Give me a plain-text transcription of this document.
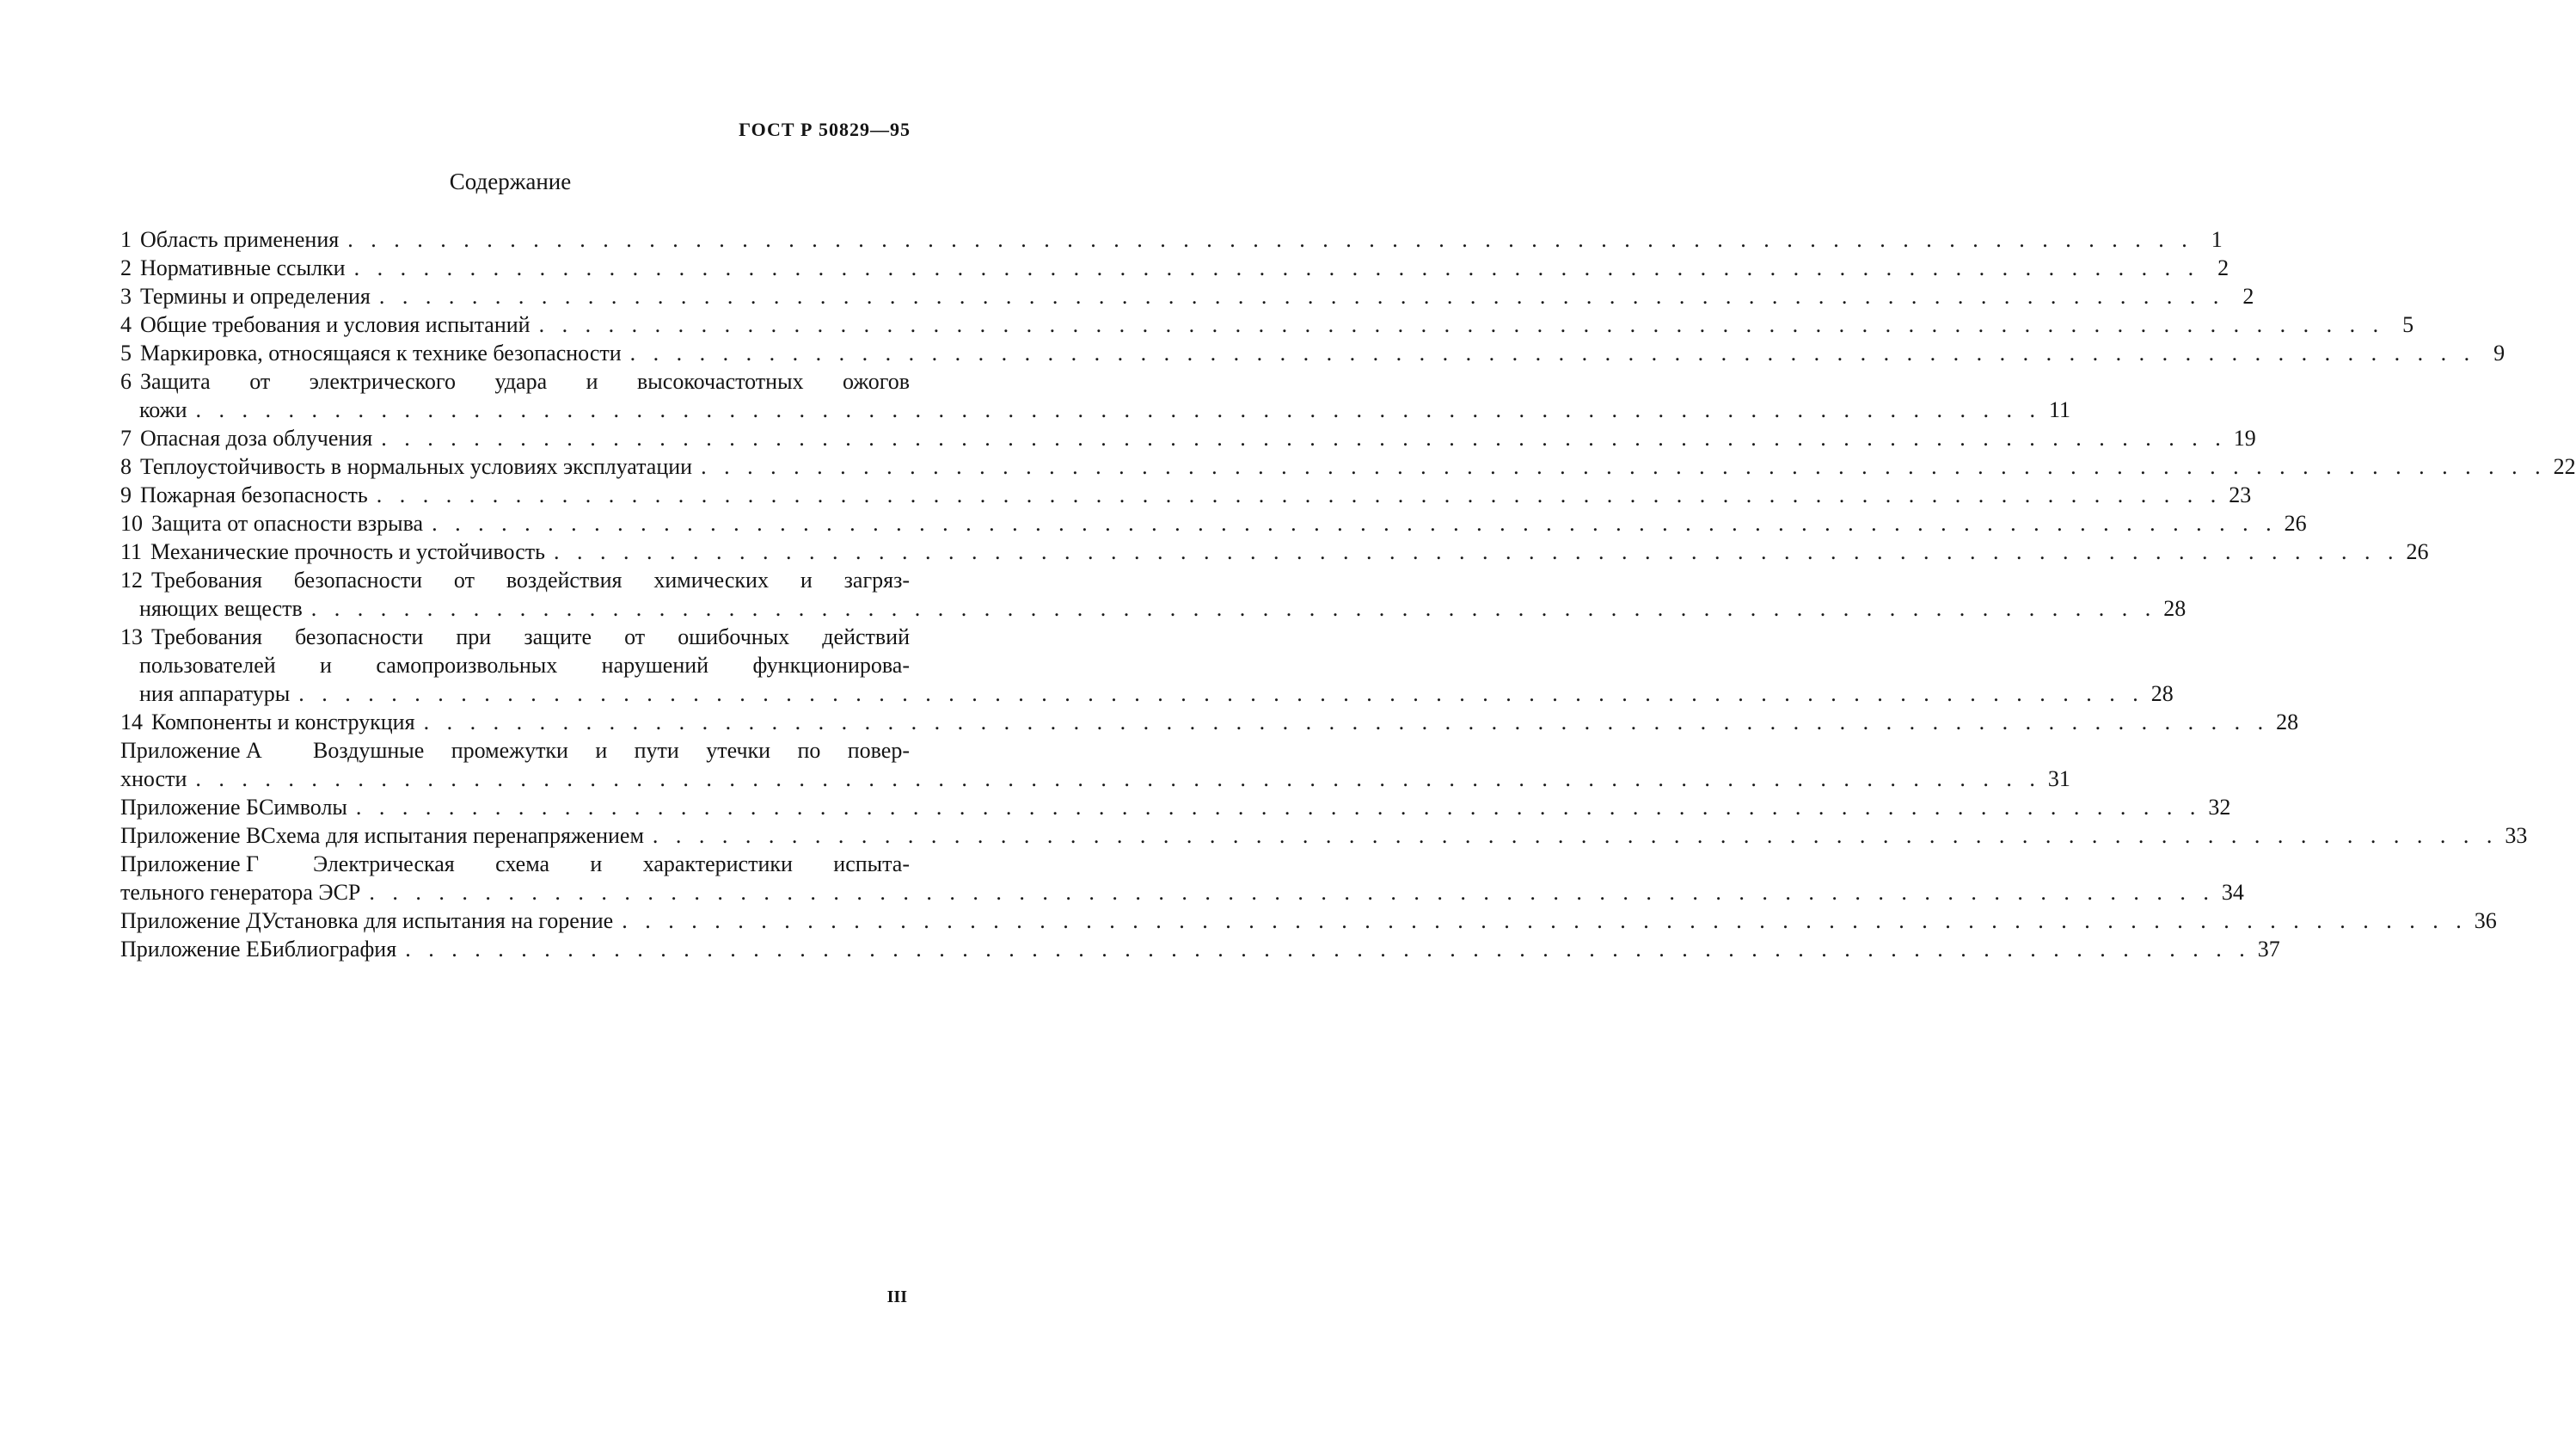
ГОСТ Р 50829—95
Содержание
1 Область применения . . . . . . . . . . . . . . . . . . . . . . . . . . . . . . . . . . . . . . . . . . . . . . . . . . . . . . . . . . . . . . . . . . . . . . . . . . . . . . . . 1
2 Нормативные ссылки . . . . . . . . . . . . . . . . . . . . . . . . . . . . . . . . . . . . . . . . . . . . . . . . . . . . . . . . . . . . . . . . . . . . . . . . . . . . . . . . 2
3 Термины и определения . . . . . . . . . . . . . . . . . . . . . . . . . . . . . . . . . . . . . . . . . . . . . . . . . . . . . . . . . . . . . . . . . . . . . . . . . . . . . . . . 2
4 Общие требования и условия испытаний . . . . . . . . . . . . . . . . . . . . . . . . . . . . . . . . . . . . . . . . . . . . . . . . . . . . . . . . . . . . . . . . . . . . . . . . . . . . . . . . 5
5 Маркировка, относящаяся к технике безопасности . . . . . . . . . . . . . . . . . . . . . . . . . . . . . . . . . . . . . . . . . . . . . . . . . . . . . . . . . . . . . . . . . . . . . . . . . . . . . . . . 9
6 Защита от электрического удара и высокочастотных ожогов
кожи . . . . . . . . . . . . . . . . . . . . . . . . . . . . . . . . . . . . . . . . . . . . . . . . . . . . . . . . . . . . . . . . . . . . . . . . . . . . . . . . 11
7 Опасная доза облучения . . . . . . . . . . . . . . . . . . . . . . . . . . . . . . . . . . . . . . . . . . . . . . . . . . . . . . . . . . . . . . . . . . . . . . . . . . . . . . . . 19
8 Теплоустойчивость в нормальных условиях эксплуатации . . . . . . . . . . . . . . . . . . . . . . . . . . . . . . . . . . . . . . . . . . . . . . . . . . . . . . . . . . . . . . . . . . . . . . . . . . . . . . . . 22
9 Пожарная безопасность . . . . . . . . . . . . . . . . . . . . . . . . . . . . . . . . . . . . . . . . . . . . . . . . . . . . . . . . . . . . . . . . . . . . . . . . . . . . . . . . 23
10 Защита от опасности взрыва . . . . . . . . . . . . . . . . . . . . . . . . . . . . . . . . . . . . . . . . . . . . . . . . . . . . . . . . . . . . . . . . . . . . . . . . . . . . . . . . 26
11 Механические прочность и устойчивость . . . . . . . . . . . . . . . . . . . . . . . . . . . . . . . . . . . . . . . . . . . . . . . . . . . . . . . . . . . . . . . . . . . . . . . . . . . . . . . . 26
12 Требования безопасности от воздействия химических и загряз-
няющих веществ . . . . . . . . . . . . . . . . . . . . . . . . . . . . . . . . . . . . . . . . . . . . . . . . . . . . . . . . . . . . . . . . . . . . . . . . . . . . . . . . 28
13 Требования безопасности при защите от ошибочных действий
пользователей и самопроизвольных нарушений функционирова-
ния аппаратуры . . . . . . . . . . . . . . . . . . . . . . . . . . . . . . . . . . . . . . . . . . . . . . . . . . . . . . . . . . . . . . . . . . . . . . . . . . . . . . . . 28
14 Компоненты и конструкция . . . . . . . . . . . . . . . . . . . . . . . . . . . . . . . . . . . . . . . . . . . . . . . . . . . . . . . . . . . . . . . . . . . . . . . . . . . . . . . . 28
Приложение А	Воздушные промежутки и пути утечки по повер-
хности . . . . . . . . . . . . . . . . . . . . . . . . . . . . . . . . . . . . . . . . . . . . . . . . . . . . . . . . . . . . . . . . . . . . . . . . . . . . . . . . 31
Приложение Б Символы . . . . . . . . . . . . . . . . . . . . . . . . . . . . . . . . . . . . . . . . . . . . . . . . . . . . . . . . . . . . . . . . . . . . . . . . . . . . . . . . 32
Приложение В Схема для испытания перенапряжением . . . . . . . . . . . . . . . . . . . . . . . . . . . . . . . . . . . . . . . . . . . . . . . . . . . . . . . . . . . . . . . . . . . . . . . . . . . . . . . . 33
Приложение Г	Электрическая схема и характеристики испыта-
тельного генератора ЭСР . . . . . . . . . . . . . . . . . . . . . . . . . . . . . . . . . . . . . . . . . . . . . . . . . . . . . . . . . . . . . . . . . . . . . . . . . . . . . . . . 34
Приложение Д Установка для испытания на горение . . . . . . . . . . . . . . . . . . . . . . . . . . . . . . . . . . . . . . . . . . . . . . . . . . . . . . . . . . . . . . . . . . . . . . . . . . . . . . . . 36
Приложение Е Библиография . . . . . . . . . . . . . . . . . . . . . . . . . . . . . . . . . . . . . . . . . . . . . . . . . . . . . . . . . . . . . . . . . . . . . . . . . . . . . . . . 37
III
